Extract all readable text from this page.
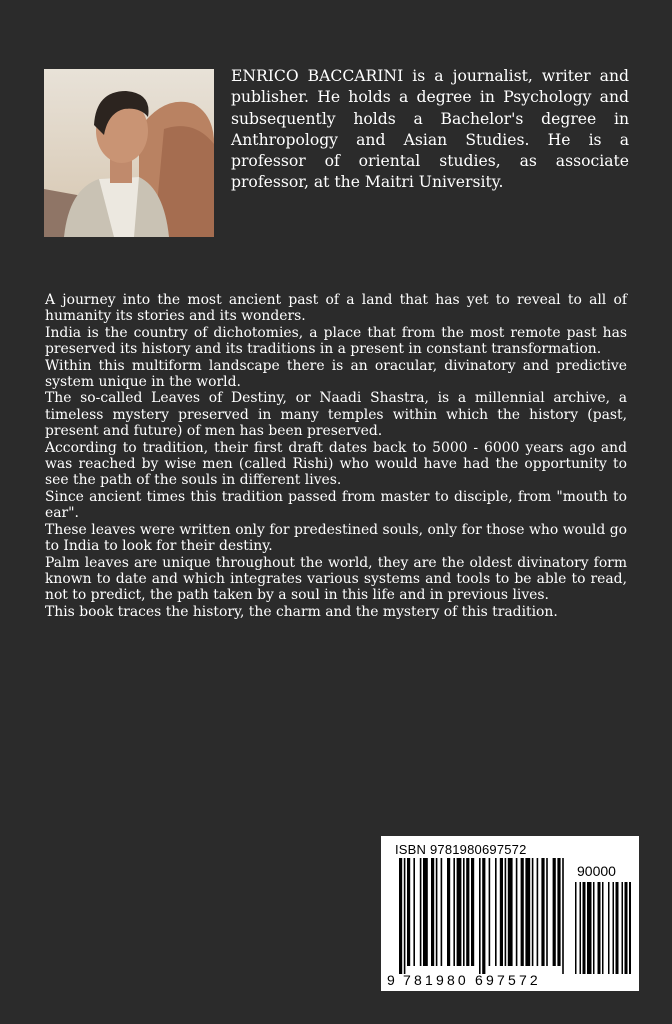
ENRICO BACCARINI is a journalist, writer and publisher. He holds a degree in Psychology and subsequently holds a Bachelor's degree in Anthropology and Asian Studies. He is a professor of oriental studies, as associate professor, at the Maitri University.

A journey into the most ancient past of a land that has yet to reveal to all of humanity its stories and its wonders.

India is the country of dichotomies, a place that from the most remote past has preserved its history and its traditions in a present in constant transformation.

Within this multiform landscape there is an oracular, divinatory and predictive system unique in the world.

The so-called Leaves of Destiny, or Naadi Shastra, is a millennial archive, a timeless mystery preserved in many temples within which the history (past, present and future) of men has been preserved.

According to tradition, their first draft dates back to 5000 - 6000 years ago and was reached by wise men (called Rishi) who would have had the opportunity to see the path of the souls in different lives.

Since ancient times this tradition passed from master to disciple, from "mouth to ear".

These leaves were written only for predestined souls, only for those who would go to India to look for their destiny.

Palm leaves are unique throughout the world, they are the oldest divinatory form known to date and which integrates various systems and tools to be able to read, not to predict, the path taken by a soul in this life and in previous lives.

This book traces the history, the charm and the mystery of this tradition.

ISBN 9781980697572
90000
9 781980 697572
